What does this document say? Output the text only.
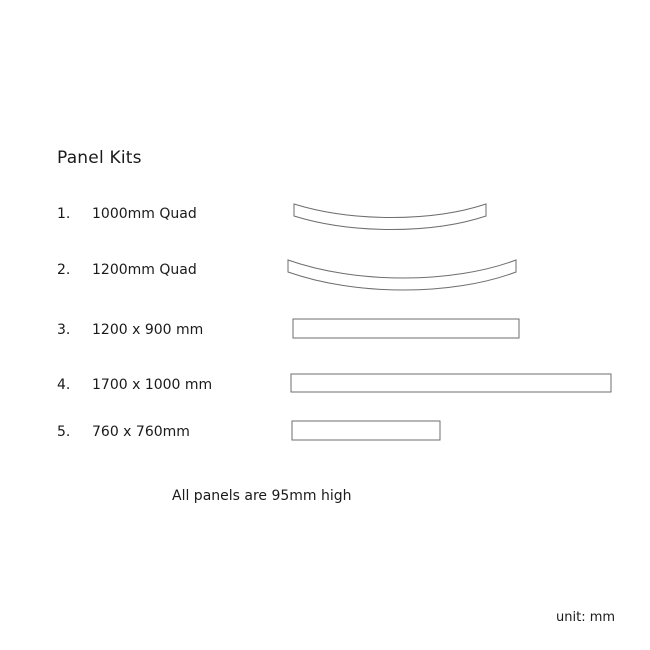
Panel Kits
1.	1000mm Quad
2.	1200mm Quad
3.	1200 x 900 mm
4.	1700 x 1000 mm
5.	760 x 760mm
All panels are 95mm high
unit: mm
